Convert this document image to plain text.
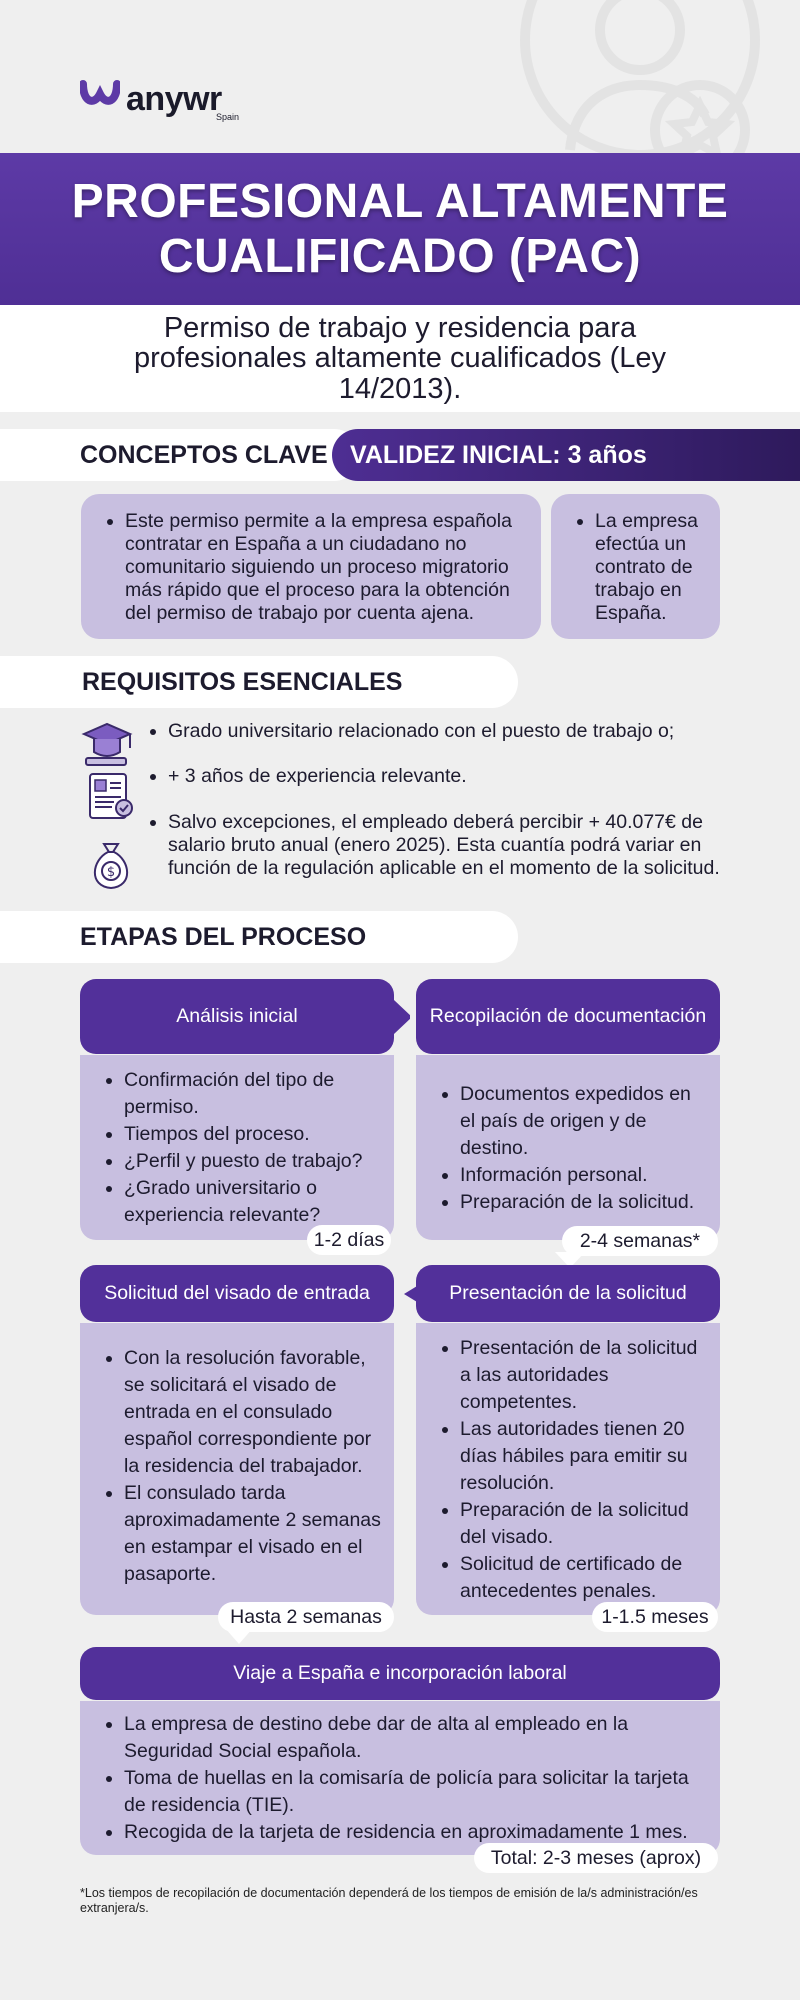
anywr
Spain
PROFESIONAL ALTAMENTE CUALIFICADO (PAC)

Permiso de trabajo y residencia para profesionales altamente cualificados (Ley 14/2013).

CONCEPTOS CLAVE VALIDEZ INICIAL: 3 años
• Este permiso permite a la empresa española contratar en España a un ciudadano no comunitario siguiendo un proceso migratorio más rápido que el proceso para la obtención del permiso de trabajo por cuenta ajena.
• La empresa efectúa un contrato de trabajo en España.
REQUISITOS ESENCIALES
$
• Grado universitario relacionado con el puesto de trabajo o;
• + 3 años de experiencia relevante.
• Salvo excepciones, el empleado deberá percibir + 40.077€ de salario bruto anual (enero 2025). Esta cuantía podrá variar en función de la regulación aplicable en el momento de la solicitud.
ETAPAS DEL PROCESO
Análisis inicial	Recopilación de documentación
• Confirmación del tipo de permiso.
• Tiempos del proceso.
• ¿Perfil y puesto de trabajo?
• ¿Grado universitario o experiencia relevante?
• Documentos expedidos en el país de origen y de destino.
• Información personal.
• Preparación de la solicitud.
1-2 días	2-4 semanas*
Solicitud del visado de entrada	Presentación de la solicitud
• Con la resolución favorable, se solicitará el visado de entrada en el consulado español correspondiente por la residencia del trabajador.
• El consulado tarda aproximadamente 2 semanas en estampar el visado en el pasaporte.
• Presentación de la solicitud a las autoridades competentes.
• Las autoridades tienen 20 días hábiles para emitir su resolución.
• Preparación de la solicitud del visado.
• Solicitud de certificado de antecedentes penales.
Hasta 2 semanas	1-1.5 meses
Viaje a España e incorporación laboral
• La empresa de destino debe dar de alta al empleado en la Seguridad Social española.
• Toma de huellas en la comisaría de policía para solicitar la tarjeta de residencia (TIE).
• Recogida de la tarjeta de residencia en aproximadamente 1 mes.
Total: 2-3 meses (aprox)

*Los tiempos de recopilación de documentación dependerá de los tiempos de emisión de la/s administración/es extranjera/s.
